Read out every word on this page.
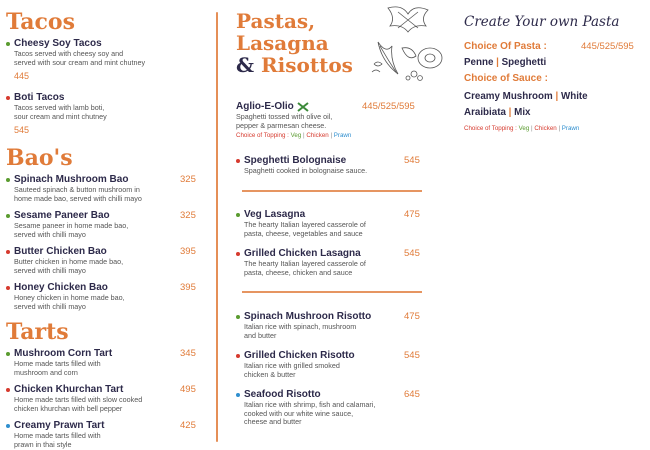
Tacos
Cheesy Soy Tacos
Tacos served with cheesy soy and
served with sour cream and mint chutney
445
Boti Tacos
Tacos served with lamb boti,
sour cream and mint chutney
545
Bao's
Spinach Mushroom Bao
Sauteed spinach & button mushroom in
home made bao, served with chilli mayo
325
Sesame Paneer Bao
Sesame paneer in home made bao,
served with chilli mayo
325
Butter Chicken Bao
Butter chicken in home made bao,
served with chilli mayo
395
Honey Chicken Bao
Honey chicken in home made bao,
served with chilli mayo
395
Tarts
Mushroom Corn Tart
Home made tarts filled with
mushroom and corn
345
Chicken Khurchan Tart
Home made tarts filled with slow cooked
chicken khurchan with bell pepper
495
Creamy Prawn Tart
Home made tarts filled with
prawn in thai style
425
Pastas,
Lasagna
& Risottos
Aglio-E-Olio
Spaghetti tossed with olive oil,
pepper & parmesan cheese.
Choice of Topping : Veg | Chicken | Prawn
445/525/595
Speghetti Bolognaise
Spaghetti cooked in bolognaise sauce.
545
Veg Lasagna
The hearty Italian layered casserole of
pasta, cheese, vegetables and sauce
475
Grilled Chicken Lasagna
The hearty Italian layered casserole of
pasta, cheese, chicken and sauce
545
Spinach Mushroon Risotto
Italian rice with spinach, mushroom
and butter
475
Grilled Chicken Risotto
Italian rice with grilled smoked
chicken & butter
545
Seafood Risotto
Italian rice with shrimp, fish and calamari,
cooked with our white wine sauce,
cheese and butter
645
Create Your own Pasta
Choice Of Pasta :	445/525/595
Penne | Speghetti
Choice of Sauce :
Creamy Mushroom | White
Araibiata | Mix
Choice of Topping : Veg | Chicken | Prawn
